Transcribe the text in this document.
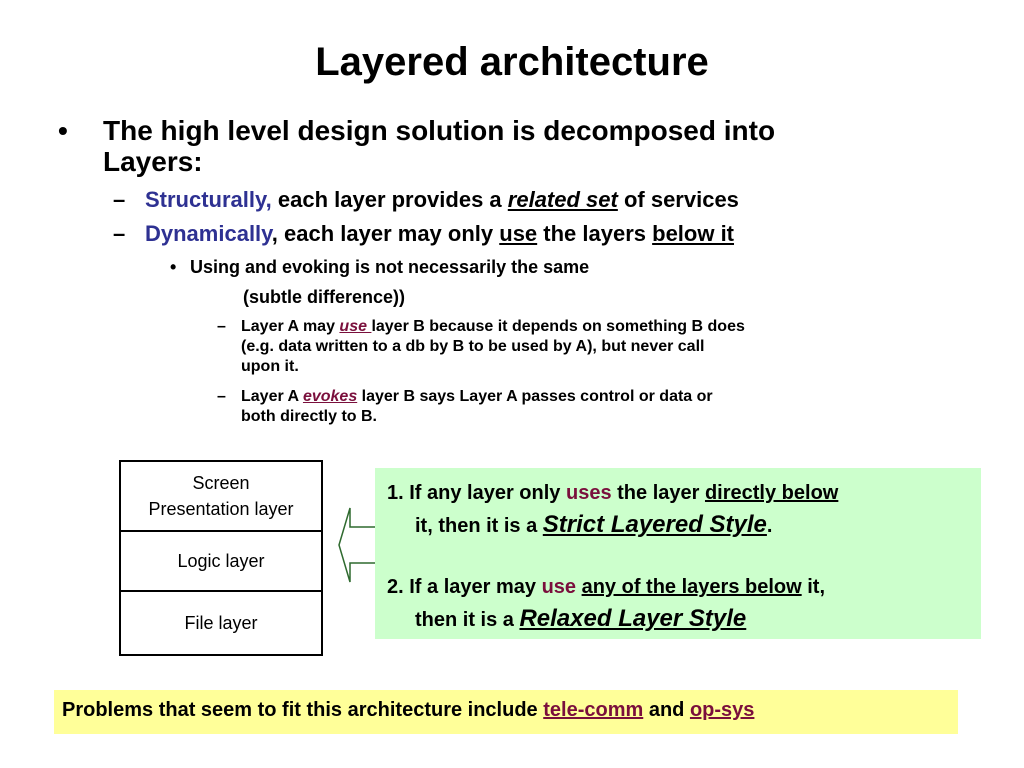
Layered architecture
• The high level design solution is decomposed into
Layers:
– Structurally, each layer provides a related set of services
– Dynamically, each layer may only use the layers below it
• Using and evoking is not necessarily the same
(subtle difference))
– Layer A may use layer B because it depends on something B does
(e.g. data written to a db by B to be used by A), but never call
upon it.
– Layer A evokes layer B says Layer A passes control or data or
both directly to B.
Screen
Presentation layer
Logic layer
File layer
1. If any layer only uses the layer directly below
it, then it is a Strict Layered Style.
2. If a layer may use any of the layers below it,
then it is a Relaxed Layer Style
Problems that seem to fit this architecture include tele-comm and op-sys
